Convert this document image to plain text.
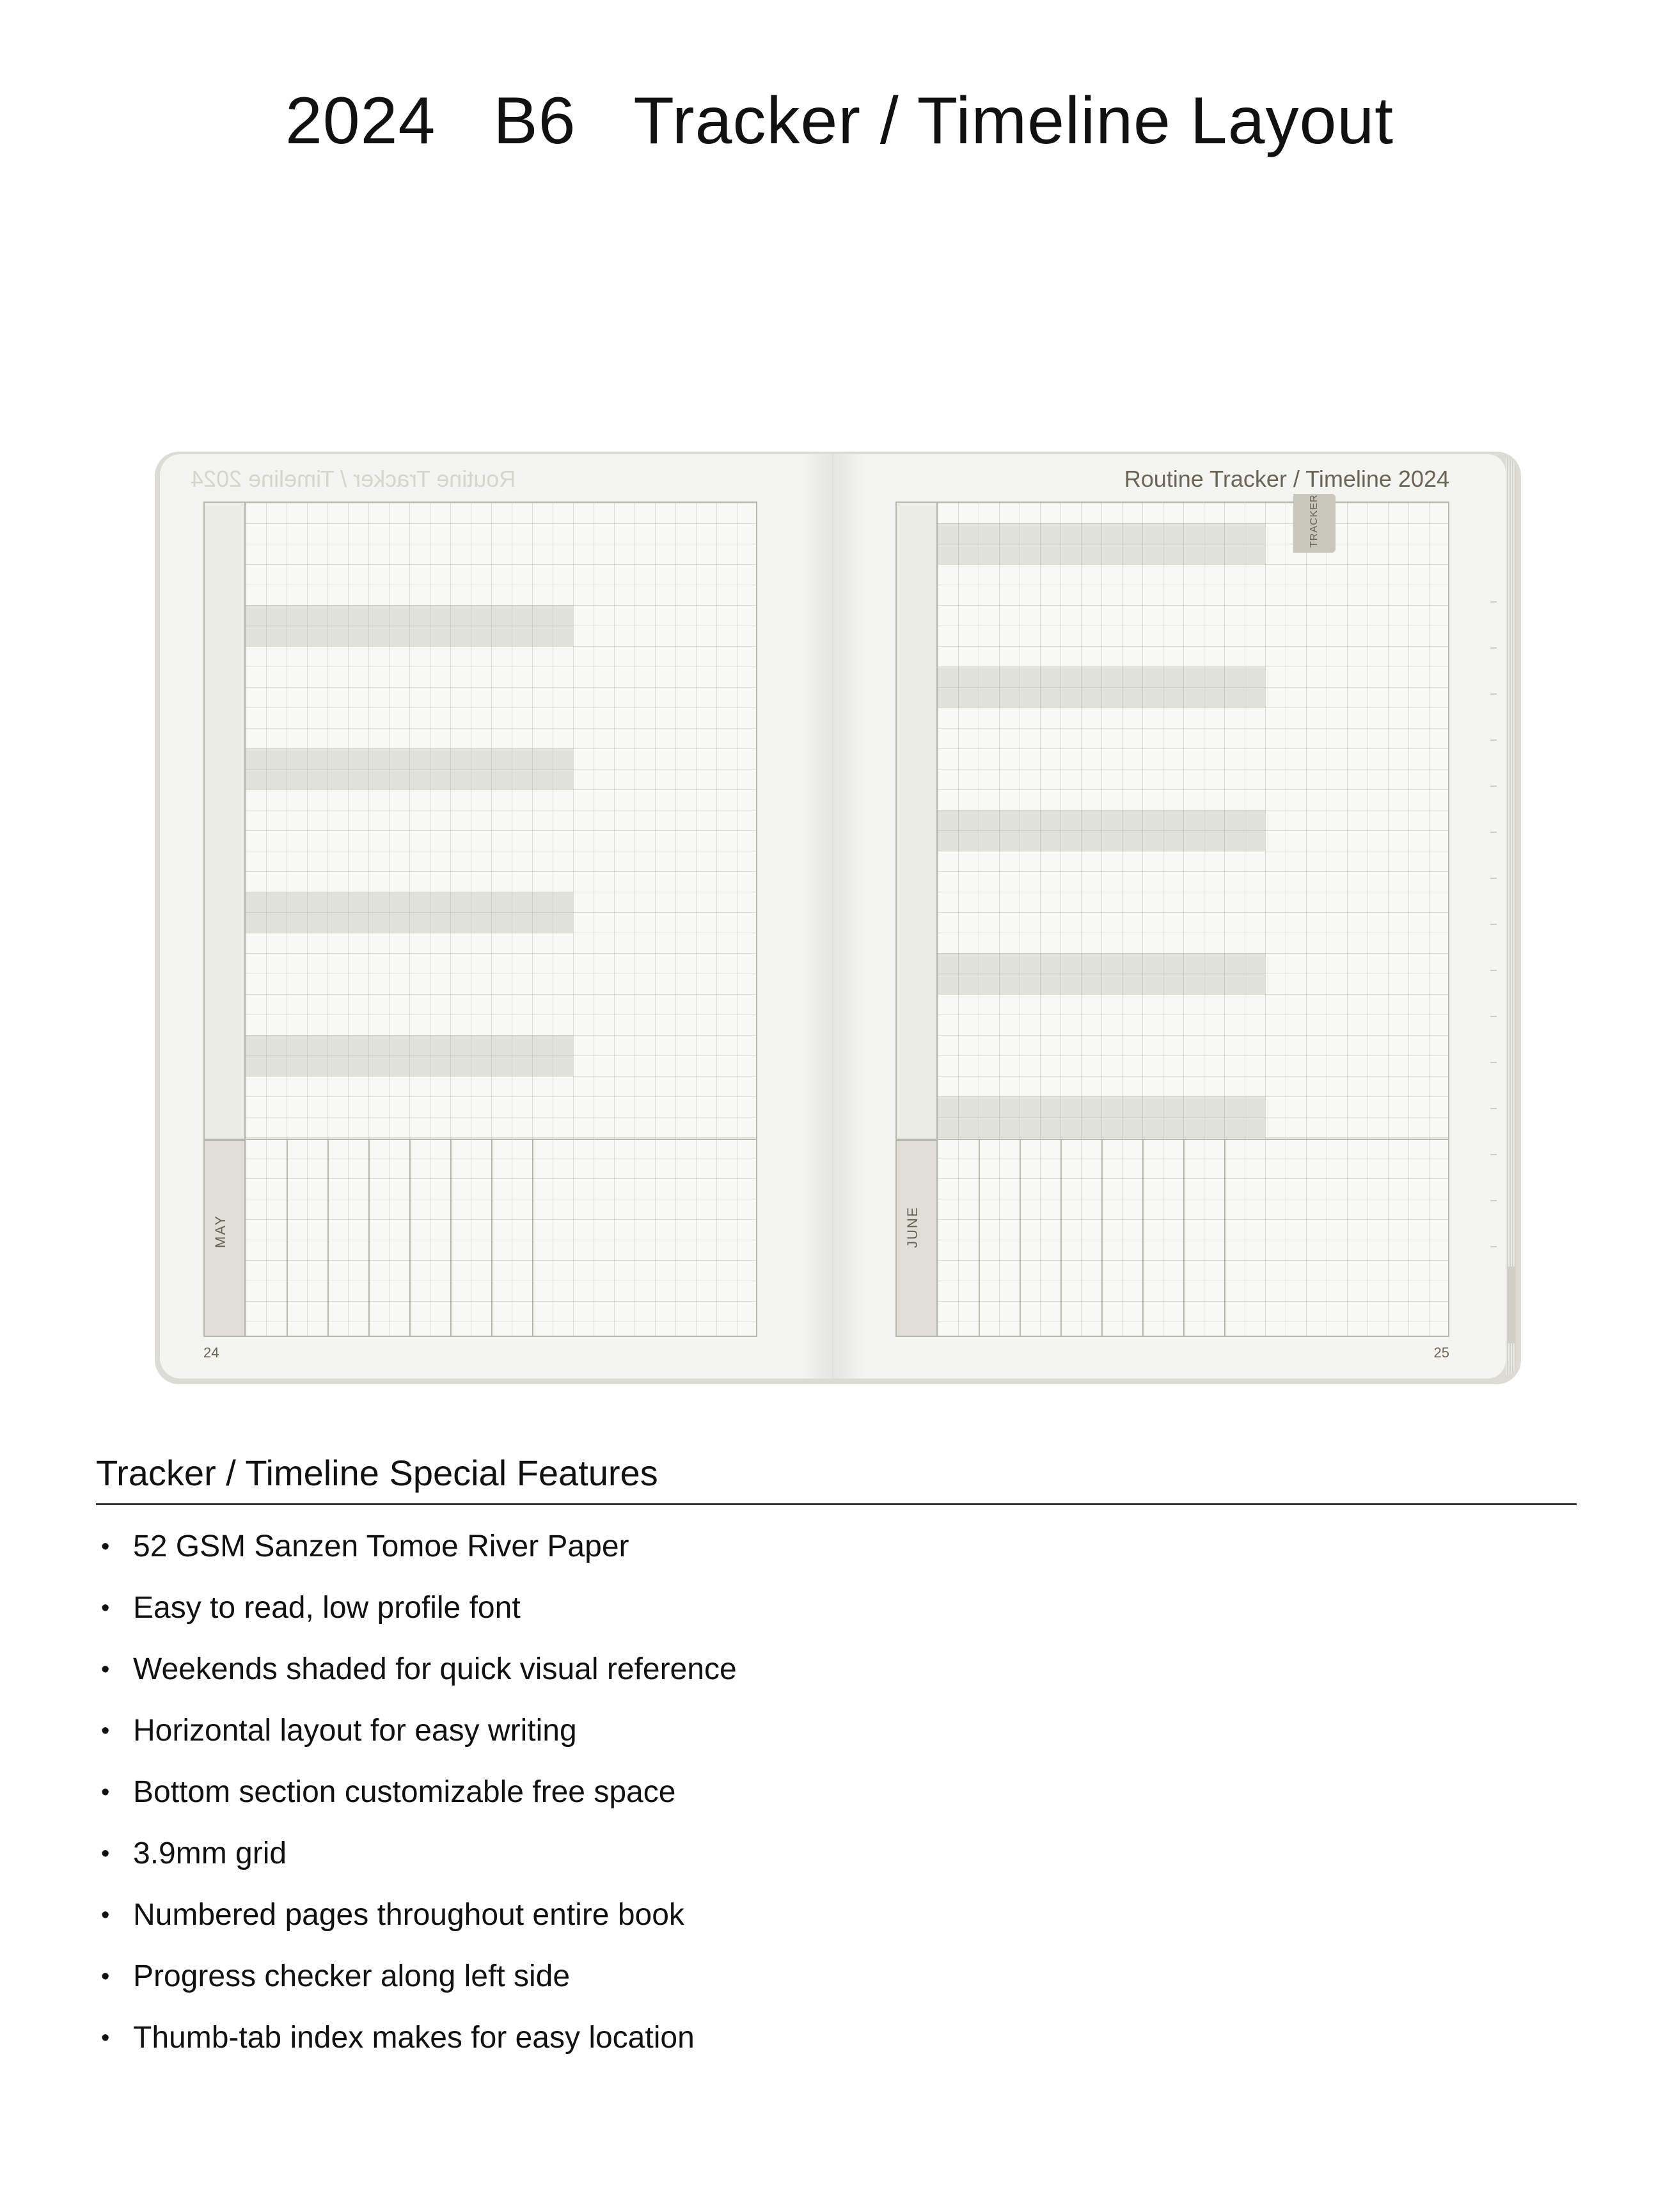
2024 B6 Tracker / Timeline Layout
Routine Tracker / Timeline 2024
MAY
24
Routine Tracker / Timeline 2024
JUNE
25
TRACKER
Tracker / Timeline Special Features
• 52 GSM Sanzen Tomoe River Paper
• Easy to read, low profile font
• Weekends shaded for quick visual reference
• Horizontal layout for easy writing
• Bottom section customizable free space
• 3.9mm grid
• Numbered pages throughout entire book
• Progress checker along left side
• Thumb-tab index makes for easy location
